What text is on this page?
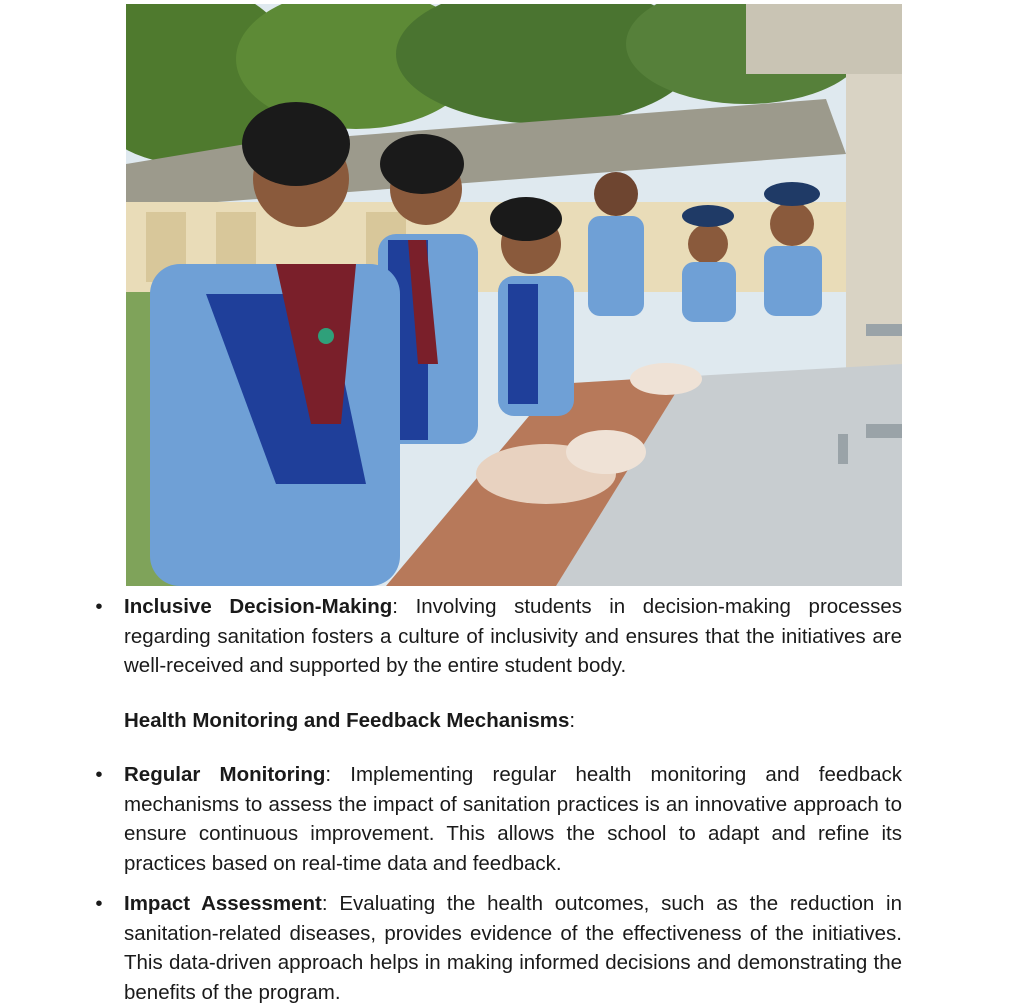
• Inclusive Decision-Making: Involving students in decision-making processes regarding sanitation fosters a culture of inclusivity and ensures that the initiatives are well-received and supported by the entire student body.
Health Monitoring and Feedback Mechanisms:
• Regular Monitoring: Implementing regular health monitoring and feedback mechanisms to assess the impact of sanitation practices is an innovative approach to ensure continuous improvement. This allows the school to adapt and refine its practices based on real-time data and feedback.
• Impact Assessment: Evaluating the health outcomes, such as the reduction in sanitation-related diseases, provides evidence of the effectiveness of the initiatives. This data-driven approach helps in making informed decisions and demonstrating the benefits of the program.
